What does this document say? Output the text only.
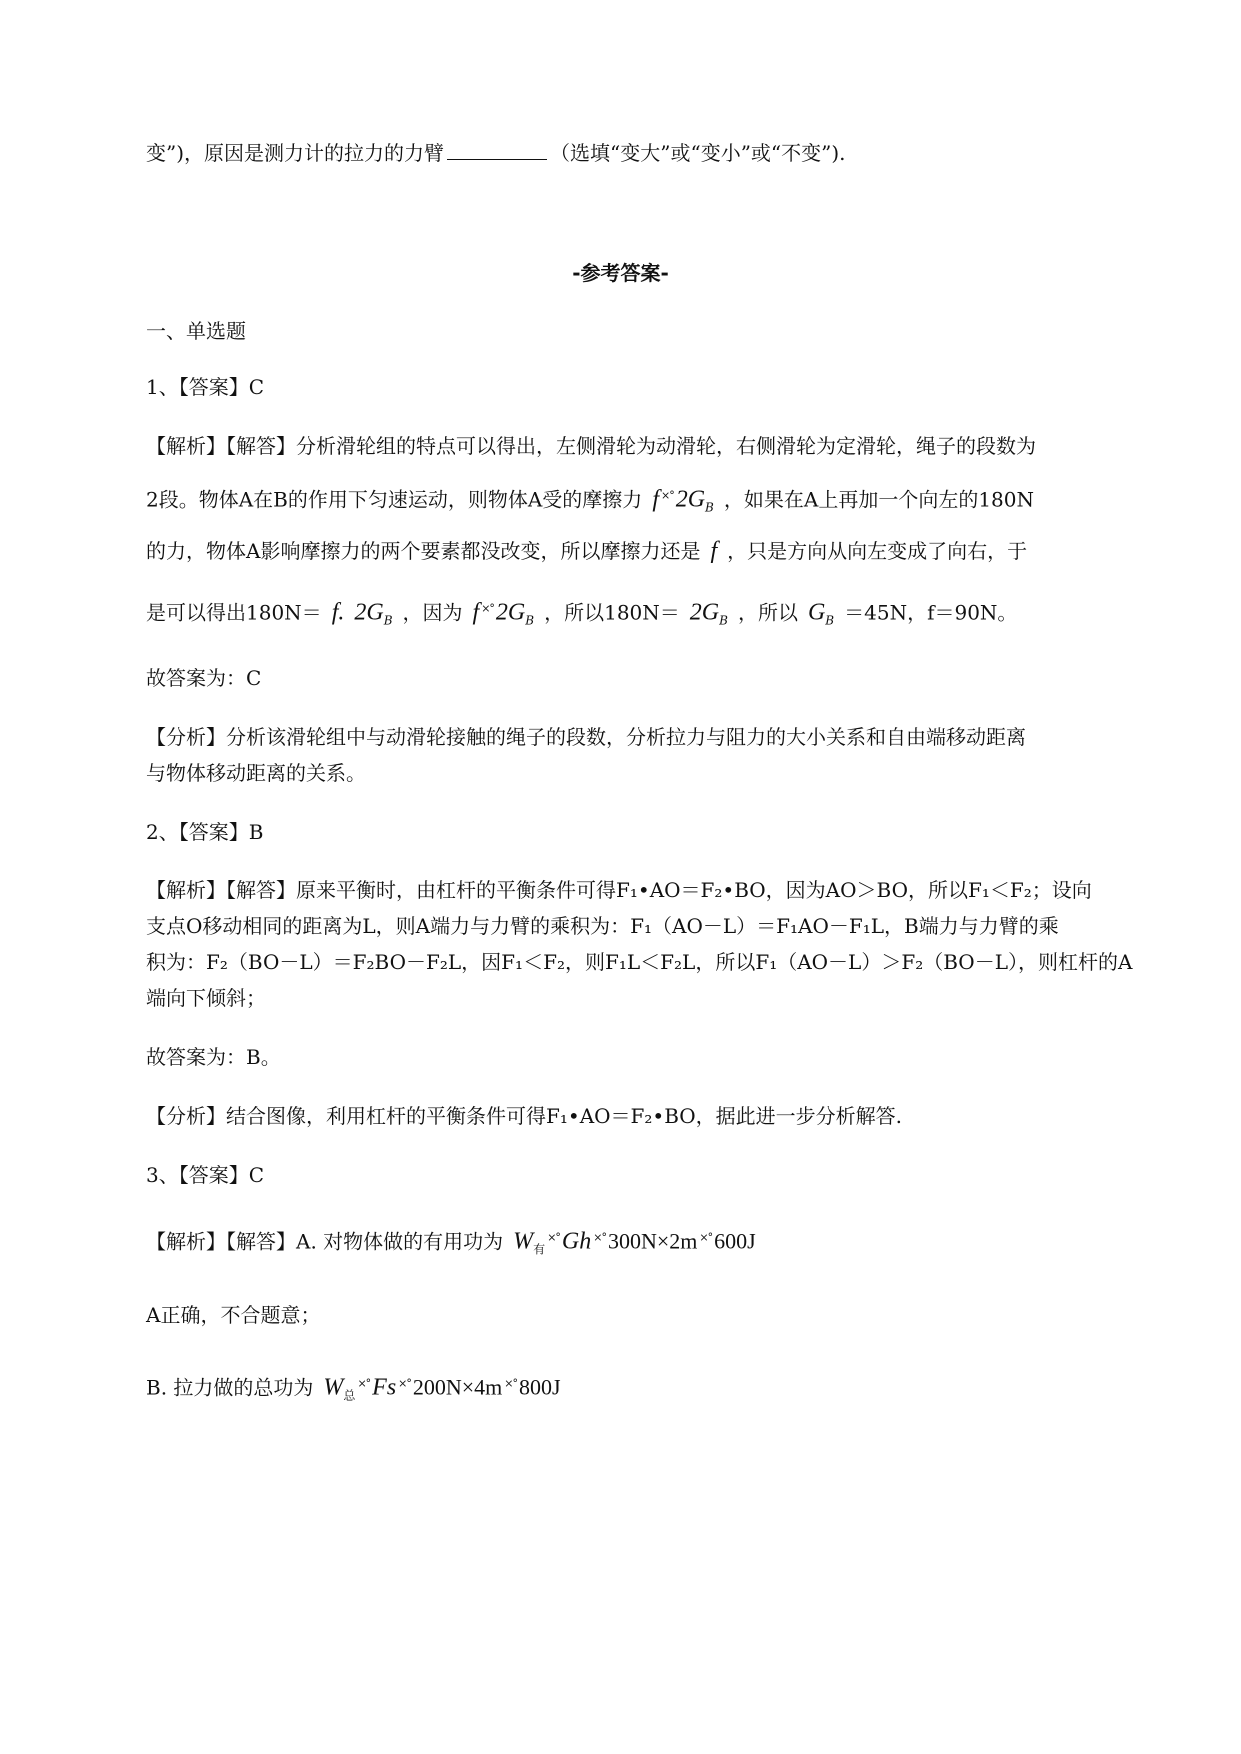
变”)，原因是测力计的拉力的力臂	（选填“变大”或“变小”或“不变”).
-参考答案-
一、单选题
1、【答案】C
【解析】【解答】分析滑轮组的特点可以得出，左侧滑轮为动滑轮，右侧滑轮为定滑轮，绳子的段数为
2段。物体A在B的作用下匀速运动，则物体A受的摩擦力 f $^{\times^\circ}2G_B$ ，如果在A上再加一个向左的180N
的力，物体A影响摩擦力的两个要素都没改变，所以摩擦力还是 f ，只是方向从向左变成了向右，于
是可以得出180N＝ f. $2G_B$ ，因为 f $^{\times^\circ}2G_B$ ，所以$180N= 2G_B$ ，所以 $G_B =45N$，f＝90N。
故答案为：C
【分析】分析该滑轮组中与动滑轮接触的绳子的段数，分析拉力与阻力的大小关系和自由端移动距离
与物体移动距离的关系。
2、【答案】B
【解析】【解答】原来平衡时，由杠杆的平衡条件可得F₁•AO＝F₂•BO，因为AO＞BO，所以F₁＜F₂；设向
支点O移动相同的距离为L，则A端力与力臂的乘积为：F₁（AO－L）＝F₁AO－F₁L，B端力与力臂的乘
积为：F₂（BO－L）＝F₂BO－F₂L，因F₁＜F₂，则F₁L＜F₂L，所以F₁（AO－L）＞F₂（BO－L），则杠杆的A
端向下倾斜；
故答案为：B。
【分析】结合图像，利用杠杆的平衡条件可得F₁•AO＝F₂•BO，据此进一步分析解答.
3、【答案】C
【解析】【解答】A. 对物体做的有用功为 $W_有^{\times^\circ}Gh$ ×°300N×2m ×°600J
A正确，不合题意；
B. 拉力做的总功为 $W_总^{\times^\circ}Fs$ ×°200N×4m ×°800J
